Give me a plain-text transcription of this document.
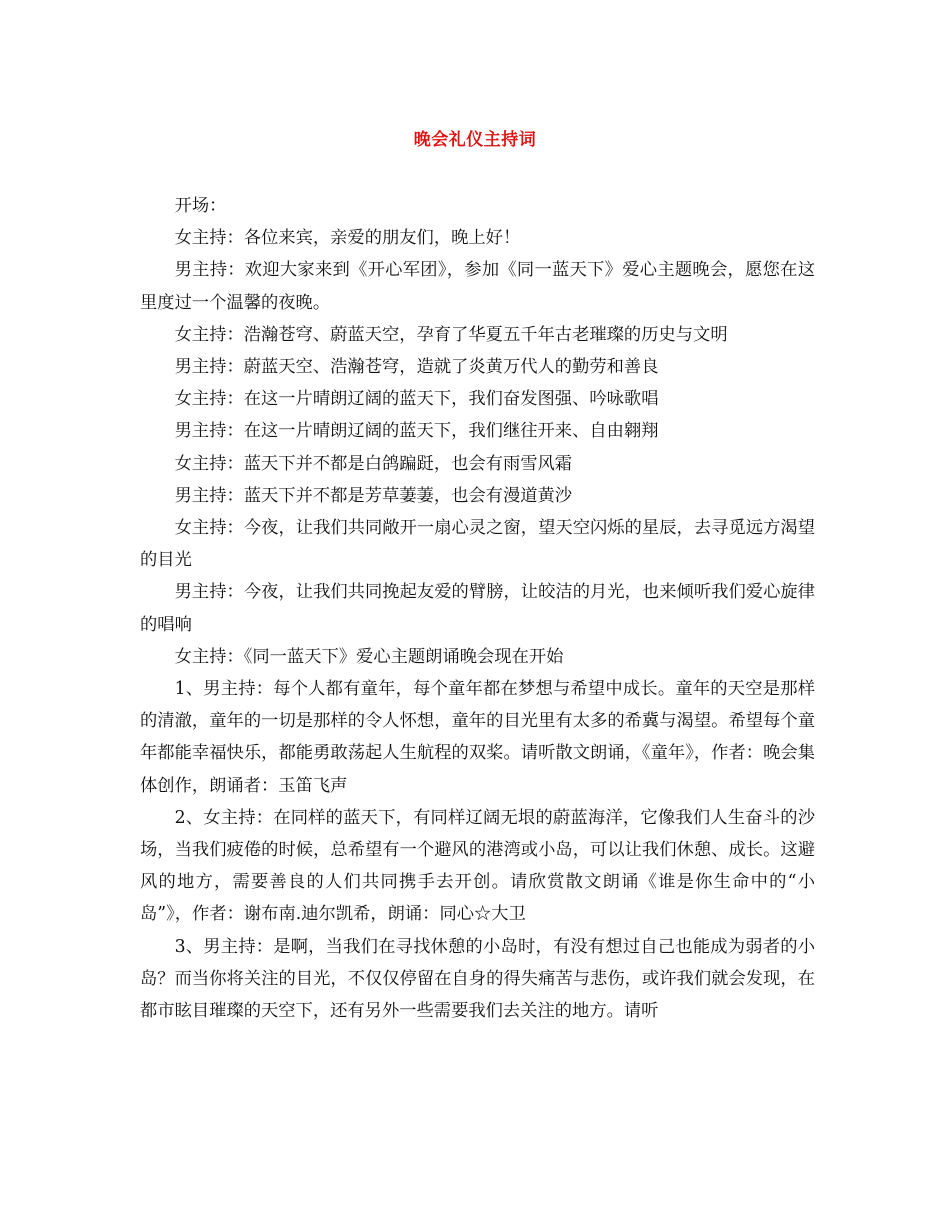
晚会礼仪主持词

开场：

女主持：各位来宾，亲爱的朋友们，晚上好！

男主持：欢迎大家来到《开心军团》，参加《同一蓝天下》爱心主题晚会，愿您在这里度过一个温馨的夜晚。

女主持：浩瀚苍穹、蔚蓝天空，孕育了华夏五千年古老璀璨的历史与文明

男主持：蔚蓝天空、浩瀚苍穹，造就了炎黄万代人的勤劳和善良

女主持：在这一片晴朗辽阔的蓝天下，我们奋发图强、吟咏歌唱

男主持：在这一片晴朗辽阔的蓝天下，我们继往开来、自由翱翔

女主持：蓝天下并不都是白鸽蹁跹，也会有雨雪风霜

男主持：蓝天下并不都是芳草萋萋，也会有漫道黄沙

女主持：今夜，让我们共同敞开一扇心灵之窗，望天空闪烁的星辰，去寻觅远方渴望的目光

男主持：今夜，让我们共同挽起友爱的臂膀，让皎洁的月光，也来倾听我们爱心旋律的唱响

女主持：《同一蓝天下》爱心主题朗诵晚会现在开始

1、男主持：每个人都有童年，每个童年都在梦想与希望中成长。童年的天空是那样的清澈，童年的一切是那样的令人怀想，童年的目光里有太多的希冀与渴望。希望每个童年都能幸福快乐，都能勇敢荡起人生航程的双桨。请听散文朗诵，《童年》，作者：晚会集体创作，朗诵者：玉笛飞声

2、女主持：在同样的蓝天下，有同样辽阔无垠的蔚蓝海洋，它像我们人生奋斗的沙场，当我们疲倦的时候，总希望有一个避风的港湾或小岛，可以让我们休憩、成长。这避风的地方，需要善良的人们共同携手去开创。请欣赏散文朗诵《谁是你生命中的“小岛”》，作者：谢布南.迪尔凯希，朗诵：同心☆大卫

3、男主持：是啊，当我们在寻找休憩的小岛时，有没有想过自己也能成为弱者的小岛？而当你将关注的目光，不仅仅停留在自身的得失痛苦与悲伤，或许我们就会发现，在都市眩目璀璨的天空下，还有另外一些需要我们去关注的地方。请听
